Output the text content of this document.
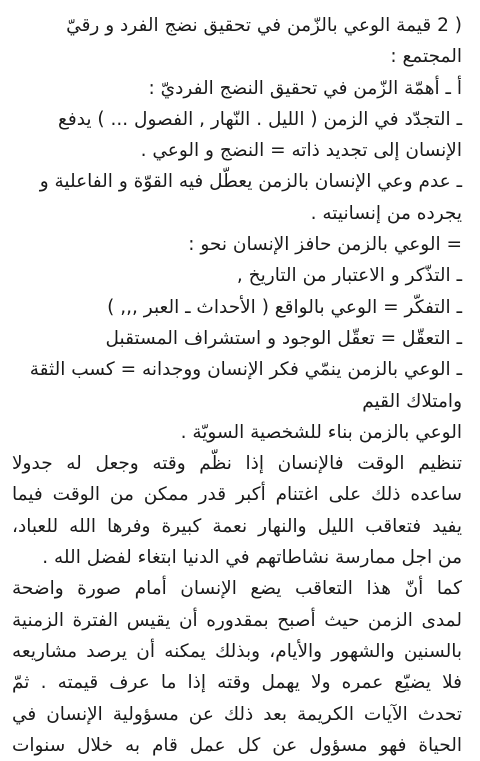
( 2 قيمة الوعي بالزّمن في تحقيق نضج الفرد و رقيّ
المجتمع :
أ ـ أهمّة الزّمن في تحقيق النضج الفرديّ :
ـ التجدّد في الزمن ( الليل . النّهار , الفصول ... ) يدفع
الإنسان إلى تجديد ذاته = النضج و الوعي .
ـ عدم وعي الإنسان بالزمن يعطّل فيه القوّة و الفاعلية و
يجرده من إنسانيته .
= الوعي بالزمن حافز الإنسان نحو :
ـ التذّكر و الاعتبار من التاريخ ,
ـ التفكّر = الوعي بالواقع ( الأحداث ـ العبر ,,, )
ـ التعقّل = تعقّل الوجود و استشراف المستقبل
ـ الوعي بالزمن ينمّي فكر الإنسان ووجدانه = كسب الثقة
وامتلاك القيم
الوعي بالزمن بناء للشخصية السويّة .
تنظيم الوقت فالإنسان إذا نظّم وقته وجعل له جدولا
ساعده ذلك على اغتنام أكبر قدر ممكن من الوقت فيما
يفيد فتعاقب الليل والنهار نعمة كبيرة وفرها الله للعباد،
من اجل ممارسة نشاطاتهم في الدنيا ابتغاء لفضل الله .
كما أنّ هذا التعاقب يضع الإنسان أمام صورة واضحة
لمدى الزمن حيث أصبح بمقدوره أن يقيس الفترة الزمنية
بالسنين والشهور والأيام، وبذلك يمكنه أن يرصد مشاريعه
فلا يضيّع عمره ولا يهمل وقته إذا ما عرف قيمته . ثمّ
تحدث الآيات الكريمة بعد ذلك عن مسؤولية الإنسان في
الحياة فهو مسؤول عن كل عمل قام به خلال سنوات
